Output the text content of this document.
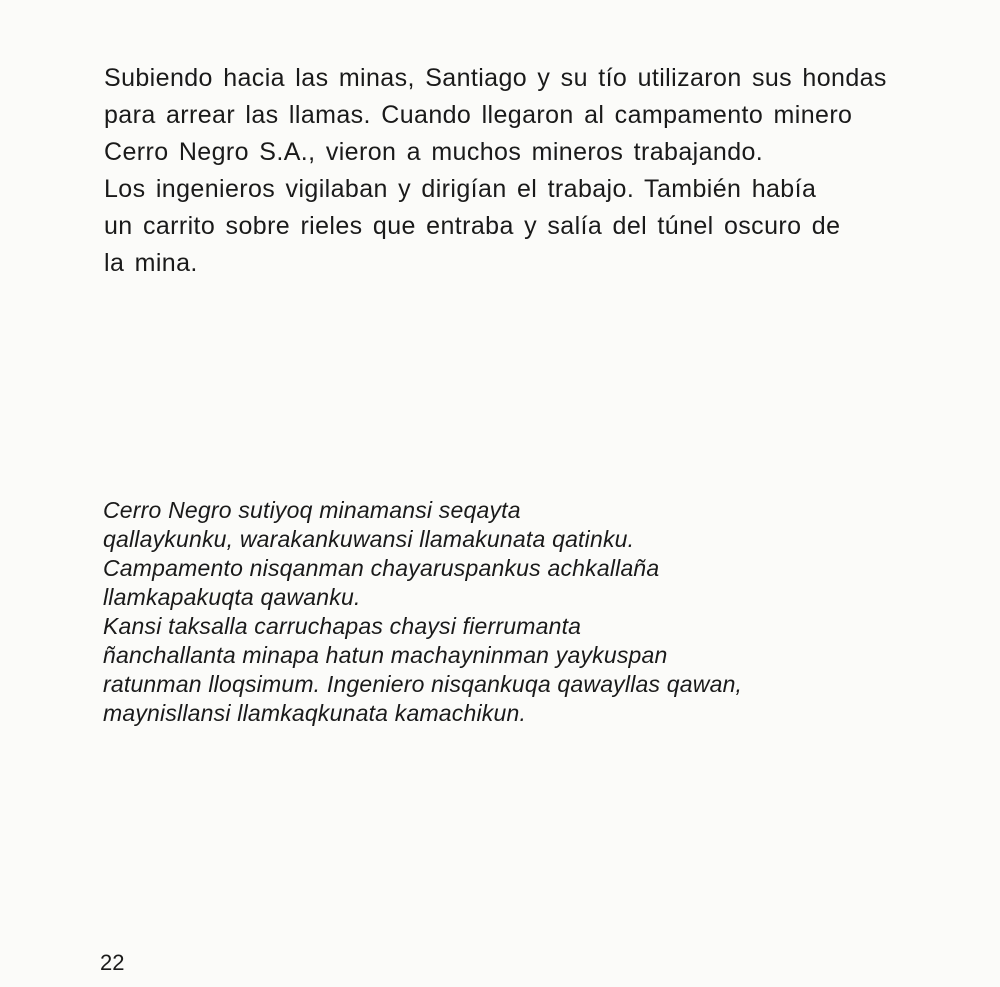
Subiendo hacia las minas, Santiago y su tío utilizaron sus hondas
para arrear las llamas. Cuando llegaron al campamento minero
Cerro Negro S.A., vieron a muchos mineros trabajando.
Los ingenieros vigilaban y dirigían el trabajo. También había
un carrito sobre rieles que entraba y salía del túnel oscuro de
la mina.
Cerro Negro sutiyoq minamansi seqayta
qallaykunku, warakankuwansi llamakunata qatinku.
Campamento nisqanman chayaruspankus achkallaña
llamkapakuqta qawanku.
Kansi taksalla carruchapas chaysi fierrumanta
ñanchallanta minapa hatun machayninman yaykuspan
ratunman lloqsimum. Ingeniero nisqankuqa qawayllas qawan,
maynisllansi llamkaqkunata kamachikun.

22
